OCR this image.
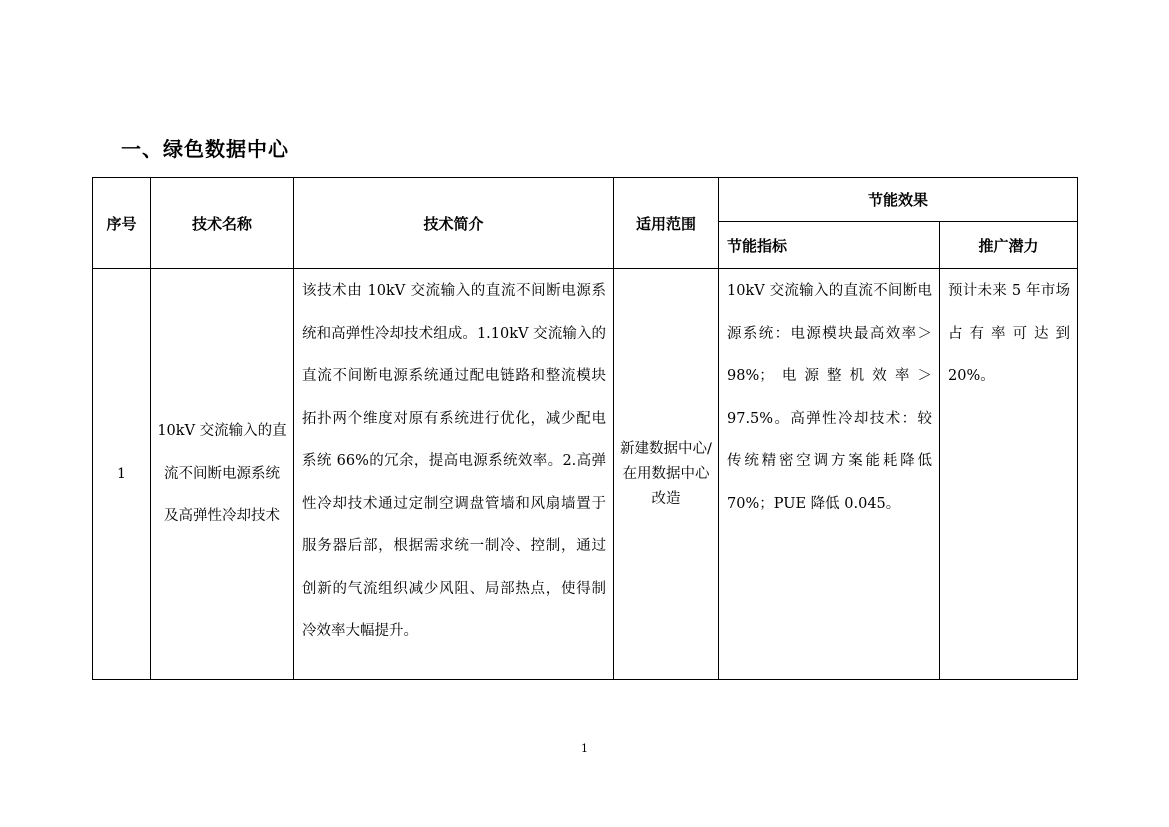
一、绿色数据中心
序号	技术名称	技术简介	适用范围	节能效果	
				节能指标	推广潜力
1	10kV 交流输入的直流不间断电源系统及高弹性冷却技术	该技术由 10kV 交流输入的直流不间断电源系统和高弹性冷却技术组成。1.10kV 交流输入的直流不间断电源系统通过配电链路和整流模块拓扑两个维度对原有系统进行优化，减少配电系统 66%的冗余，提高电源系统效率。2.高弹性冷却技术通过定制空调盘管墙和风扇墙置于服务器后部，根据需求统一制冷、控制，通过创新的气流组织减少风阻、局部热点，使得制冷效率大幅提升。	新建数据中心/在用数据中心改造	10kV 交流输入的直流不间断电源系统：电源模块最高效率＞98%；电源整机效率＞97.5%。高弹性冷却技术：较传统精密空调方案能耗降低 70%；PUE 降低 0.045。	预计未来 5 年市场占有率可达到 20%。

1
